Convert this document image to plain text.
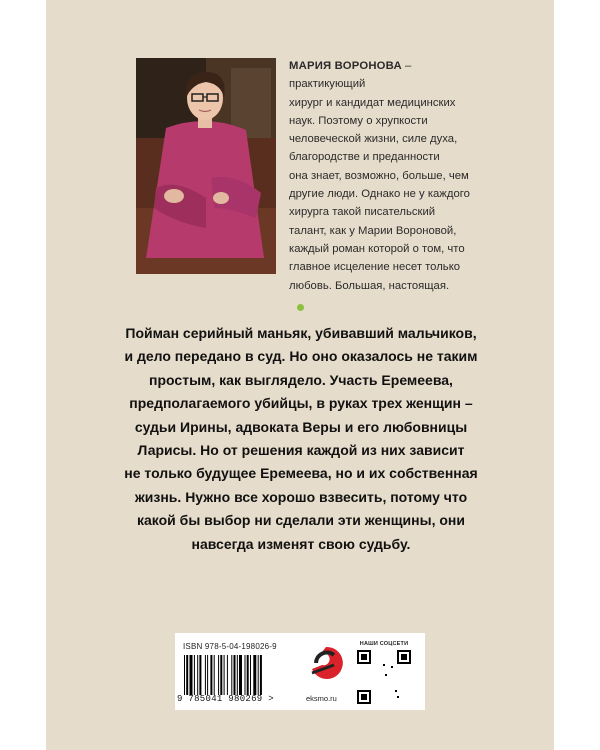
МАРИЯ ВОРОНОВА – практикующий
хирург и кандидат медицинских
наук. Поэтому о хрупкости
человеческой жизни, силе духа,
благородстве и преданности
она знает, возможно, больше, чем
другие люди. Однако не у каждого
хирурга такой писательский
талант, как у Марии Вороновой,
каждый роман которой о том, что
главное исцеление несет только
любовь. Большая, настоящая.
Пойман серийный маньяк, убивавший мальчиков,
и дело передано в суд. Но оно оказалось не таким
простым, как выглядело. Участь Еремеева,
предполагаемого убийцы, в руках трех женщин –
судьи Ирины, адвоката Веры и его любовницы
Ларисы. Но от решения каждой из них зависит
не только будущее Еремеева, но и их собственная
жизнь. Нужно все хорошо взвесить, потому что
какой бы выбор ни сделали эти женщины, они
навсегда изменят свою судьбу.
ISBN 978-5-04-198026-9
9 785041 980269 >	eksmo.ru
НАШИ СОЦСЕТИ
